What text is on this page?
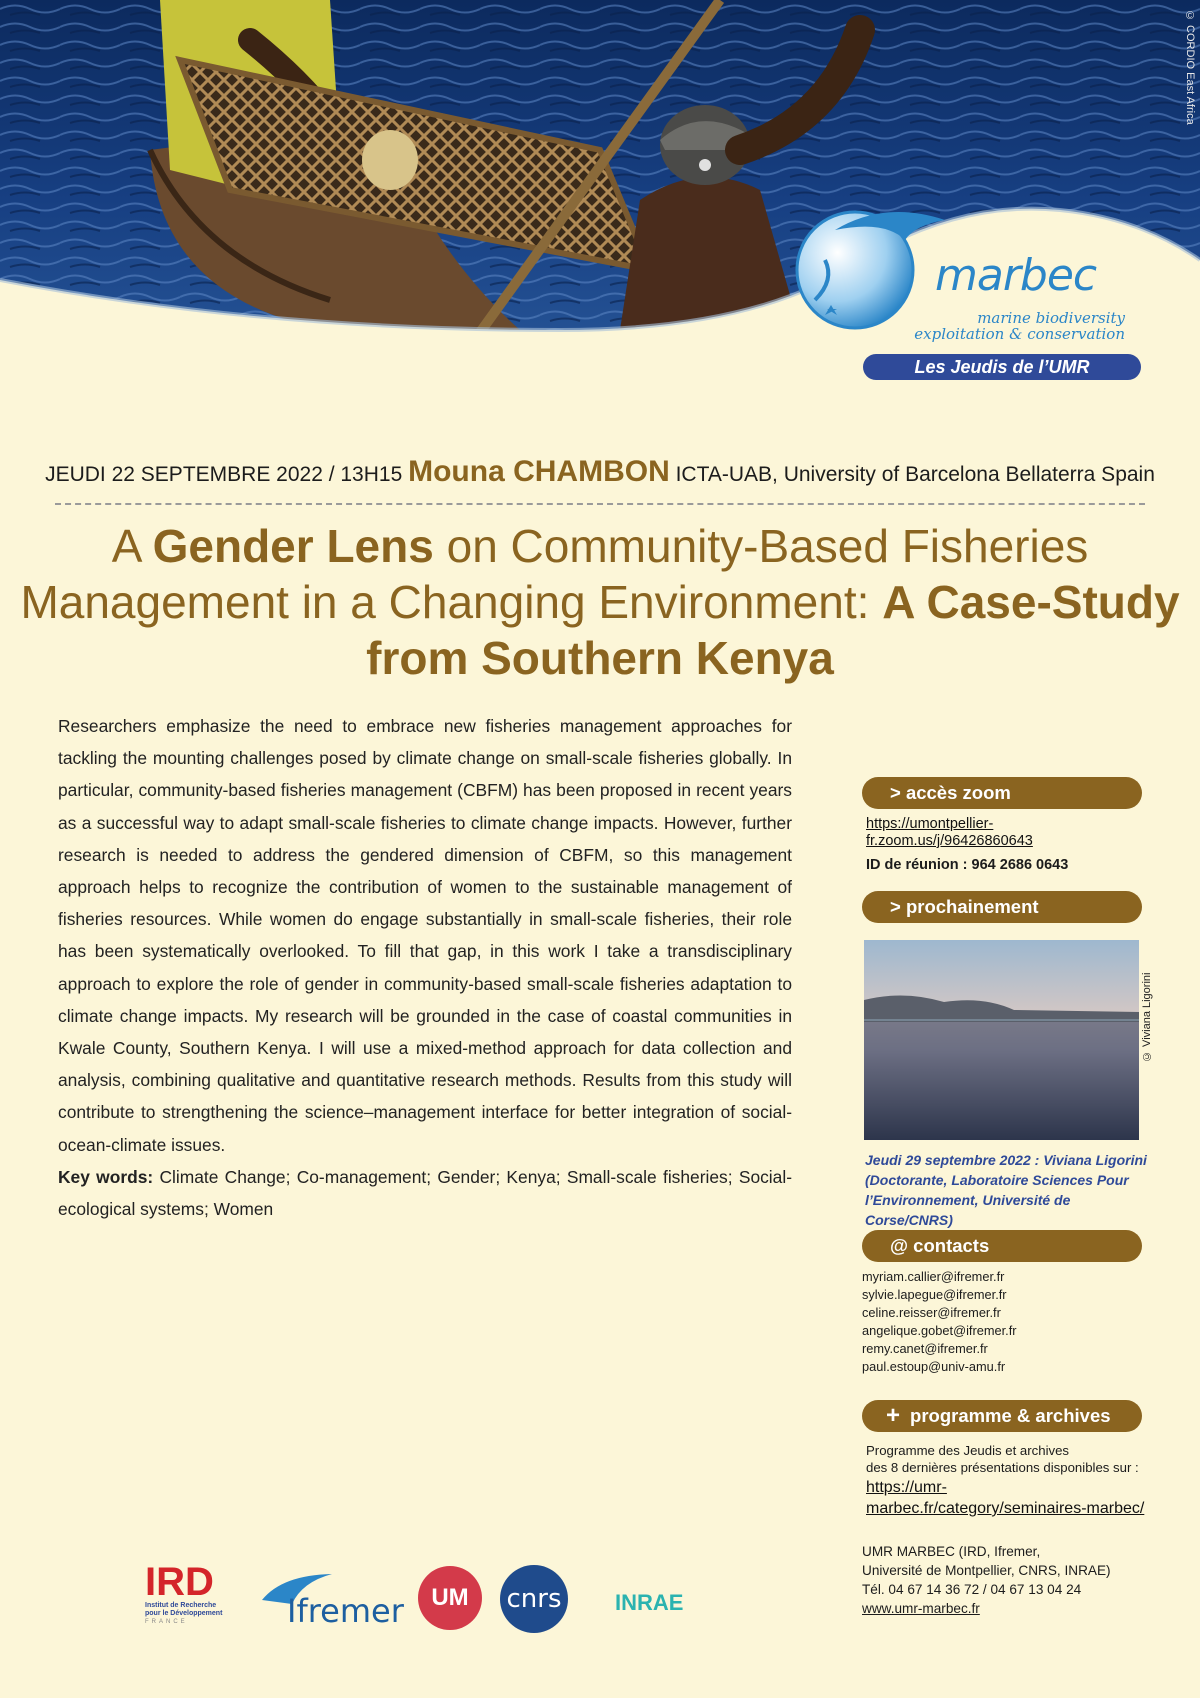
© CORDIO East Africa
marbec
marine biodiversity
exploitation & conservation
Les Jeudis de l’UMR
JEUDI 22 SEPTEMBRE 2022 / 13H15 Mouna CHAMBON ICTA-UAB, University of Barcelona Bellaterra Spain
A Gender Lens on Community-Based Fisheries Management in a Changing Environment: A Case-Study from Southern Kenya
Researchers emphasize the need to embrace new fisheries management approaches for tackling the mounting challenges posed by climate change on small-scale fisheries globally. In particular, community-based fisheries management (CBFM) has been proposed in recent years as a successful way to adapt small-scale fisheries to climate change impacts. However, further research is needed to address the gendered dimension of CBFM, so this management approach helps to recognize the contribution of women to the sustainable management of fisheries resources. While women do engage substantially in small-scale fisheries, their role has been systematically overlooked. To fill that gap, in this work I take a transdisciplinary approach to explore the role of gender in community-based small-scale fisheries adaptation to climate change impacts. My research will be grounded in the case of coastal communities in Kwale County, Southern Kenya. I will use a mixed-method approach for data collection and analysis, combining qualitative and quantitative research methods. Results from this study will contribute to strengthening the science–management interface for better integration of social-ocean-climate issues.
Key words: Climate Change; Co-management; Gender; Kenya; Small-scale fisheries; Social-ecological systems; Women
> accès zoom
https://umontpellier-fr.zoom.us/j/96426860643
ID de réunion : 964 2686 0643
> prochainement
© Viviana Ligorini
Jeudi 29 septembre 2022 : Viviana Ligorini (Doctorante, Laboratoire Sciences Pour l’Environnement, Université de Corse/CNRS)
@ contacts
myriam.callier@ifremer.fr
sylvie.lapegue@ifremer.fr
celine.reisser@ifremer.fr
angelique.gobet@ifremer.fr
remy.canet@ifremer.fr
paul.estoup@univ-amu.fr
+ programme & archives
Programme des Jeudis et archives
des 8 dernières présentations disponibles sur :
https://umr-marbec.fr/category/seminaires-marbec/
UMR MARBEC (IRD, Ifremer,
Université de Montpellier, CNRS, INRAE)
Tél. 04 67 14 36 72 / 04 67 13 04 24
www.umr-marbec.fr
IRD
Institut de Recherche
pour le Développement
FRANCE	Ifremer UM cnrs INRAE
